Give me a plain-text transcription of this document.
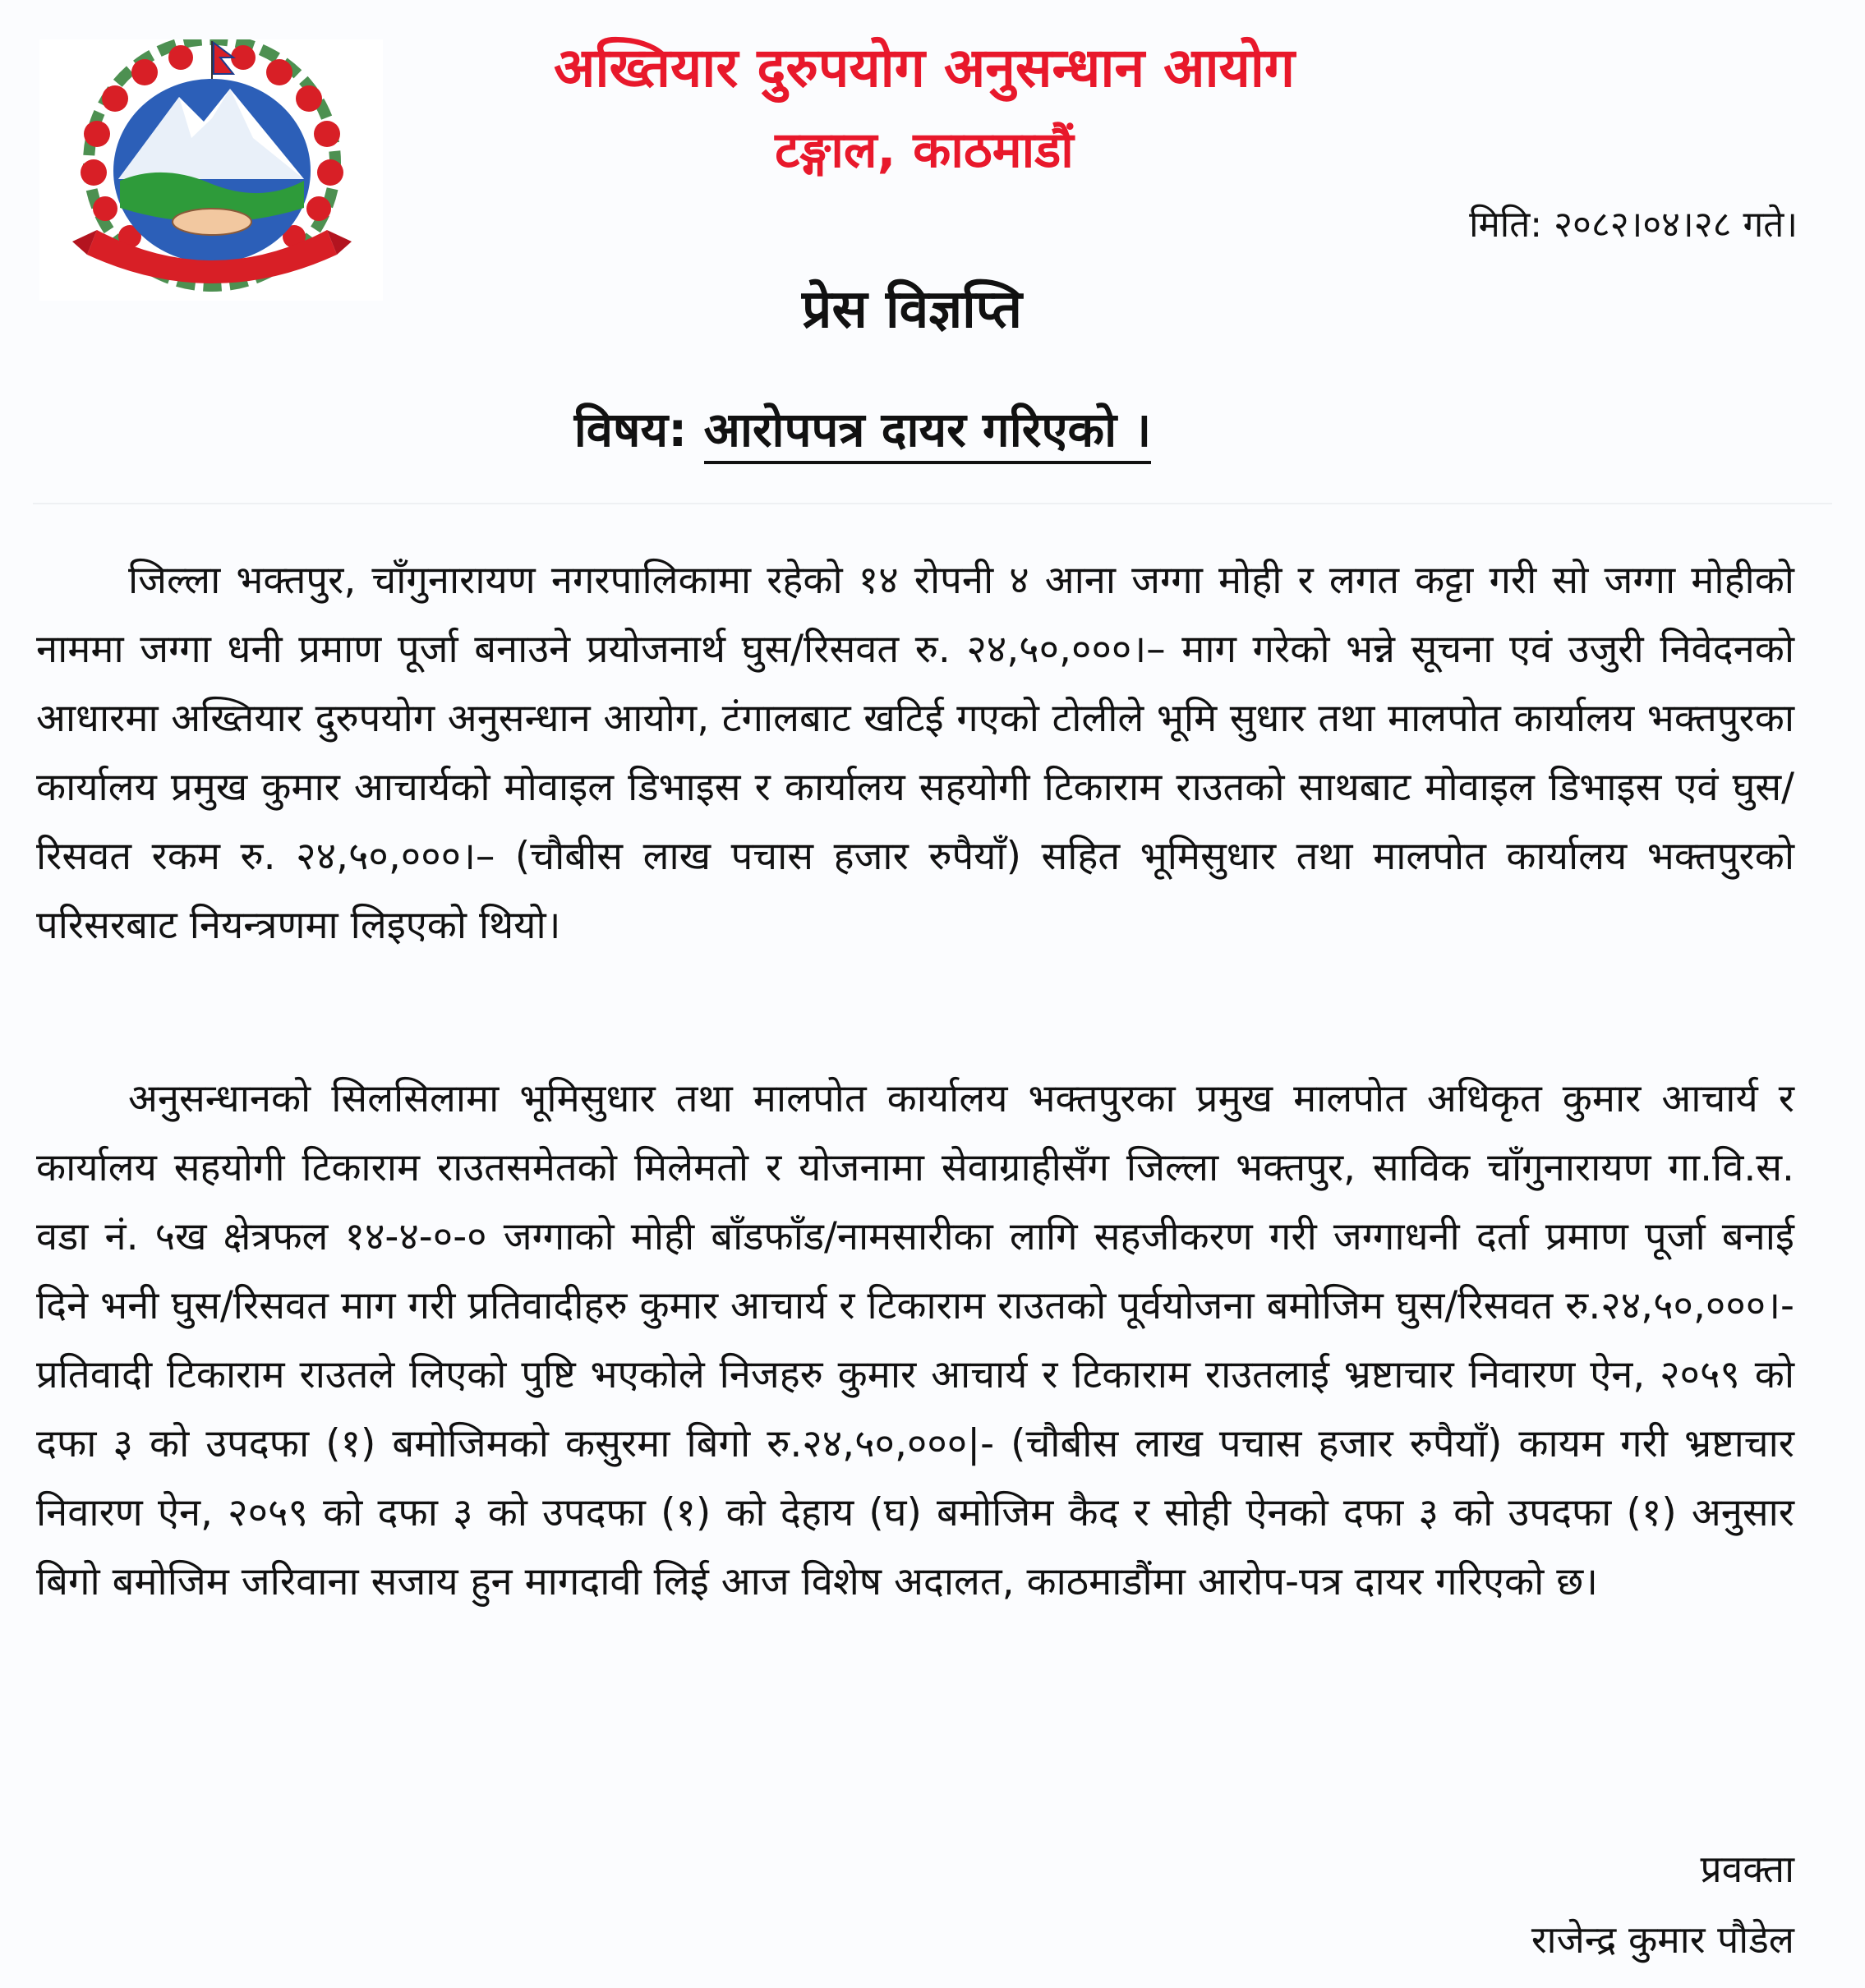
अख्तियार दुरुपयोग अनुसन्धान आयोग
टङ्गाल, काठमाडौं
मिति: २०८२।०४।२८ गते।
प्रेस विज्ञप्ति
विषय: आरोपपत्र दायर गरिएको ।

जिल्ला भक्तपुर, चाँगुनारायण नगरपालिकामा रहेको १४ रोपनी ४ आना जग्गा मोही र लगत कट्टा गरी सो जग्गा मोहीको नाममा जग्गा धनी प्रमाण पूर्जा बनाउने प्रयोजनार्थ घुस/रिसवत रु. २४,५०,०००।– माग गरेको भन्ने सूचना एवं उजुरी निवेदनको आधारमा अख्तियार दुरुपयोग अनुसन्धान आयोग, टंगालबाट खटिई गएको टोलीले भूमि सुधार तथा मालपोत कार्यालय भक्तपुरका कार्यालय प्रमुख कुमार आचार्यको मोवाइल डिभाइस र कार्यालय सहयोगी टिकाराम राउतको साथबाट मोवाइल डिभाइस एवं घुस/रिसवत रकम रु. २४,५०,०००।– (चौबीस लाख पचास हजार रुपैयाँ) सहित भूमिसुधार तथा मालपोत कार्यालय भक्तपुरको परिसरबाट नियन्त्रणमा लिइएको थियो।

अनुसन्धानको सिलसिलामा भूमिसुधार तथा मालपोत कार्यालय भक्तपुरका प्रमुख मालपोत अधिकृत कुमार आचार्य र कार्यालय सहयोगी टिकाराम राउतसमेतको मिलेमतो र योजनामा सेवाग्राहीसँग जिल्ला भक्तपुर, साविक चाँगुनारायण गा.वि.स. वडा नं. ५ख क्षेत्रफल १४-४-०-० जग्गाको मोही बाँडफाँड/नामसारीका लागि सहजीकरण गरी जग्गाधनी दर्ता प्रमाण पूर्जा बनाई दिने भनी घुस/रिसवत माग गरी प्रतिवादीहरु कुमार आचार्य र टिकाराम राउतको पूर्वयोजना बमोजिम घुस/रिसवत रु.२४,५०,०००।- प्रतिवादी टिकाराम राउतले लिएको पुष्टि भएकोले निजहरु कुमार आचार्य र टिकाराम राउतलाई भ्रष्टाचार निवारण ऐन, २०५९ को दफा ३ को उपदफा (१) बमोजिमको कसुरमा बिगो रु.२४,५०,०००|- (चौबीस लाख पचास हजार रुपैयाँ) कायम गरी भ्रष्टाचार निवारण ऐन, २०५९ को दफा ३ को उपदफा (१) को देहाय (घ) बमोजिम कैद र सोही ऐनको दफा ३ को उपदफा (१) अनुसार बिगो बमोजिम जरिवाना सजाय हुन मागदावी लिई आज विशेष अदालत, काठमाडौंमा आरोप-पत्र दायर गरिएको छ।

प्रवक्ता
राजेन्द्र कुमार पौडेल
